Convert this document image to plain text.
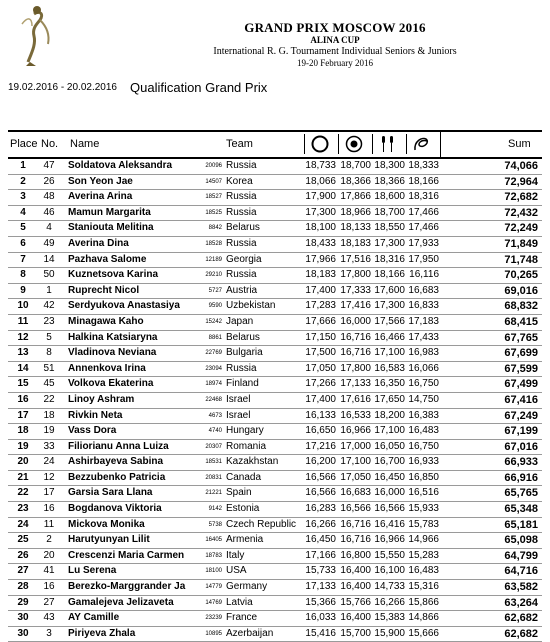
GRAND PRIX MOSCOW 2016
ALINA CUP
International R. G. Tournament Individual Seniors & Juniors
19-20 February 2016
19.02.2016 - 20.02.2016 Qualification Grand Prix
Place No. Name	Team	Sum
1	47	Soldatova Aleksandra	20096 Russia	18,733 18,700 18,300 18,333	74,066
2	26	Son Yeon Jae	14507 Korea	18,066 18,366 18,366 18,166	72,964
3	48	Averina Arina	18527 Russia	17,900 17,866 18,600 18,316	72,682
4	46	Mamun Margarita	18525 Russia	17,300 18,966 18,700 17,466	72,432
5	4	Staniouta Melitina	8842 Belarus	18,100 18,133 18,550 17,466	72,249
6	49	Averina Dina	18528 Russia	18,433 18,183 17,300 17,933	71,849
7	14	Pazhava Salome	12189 Georgia	17,966 17,516 18,316 17,950	71,748
8	50	Kuznetsova Karina	29210 Russia	18,183 17,800 18,166 16,116	70,265
9	1	Ruprecht Nicol	5727 Austria	17,400 17,333 17,600 16,683	69,016
10	42	Serdyukova Anastasiya	9590 Uzbekistan	17,283 17,416 17,300 16,833	68,832
11	23	Minagawa Kaho	15242 Japan	17,666 16,000 17,566 17,183	68,415
12	5	Halkina Katsiaryna	8861 Belarus	17,150 16,716 16,466 17,433	67,765
13	8	Vladinova Neviana	22769 Bulgaria	17,500 16,716 17,100 16,983	67,699
14	51	Annenkova Irina	23094 Russia	17,050 17,800 16,583 16,066	67,599
15	45	Volkova Ekaterina	18974 Finland	17,266 17,133 16,350 16,750	67,499
16	22	Linoy Ashram	22468 Israel	17,400 17,616 17,650 14,750	67,416
17	18	Rivkin Neta	4673 Israel	16,133 16,533 18,200 16,383	67,249
18	19	Vass Dora	4740 Hungary	16,650 16,966 17,100 16,483	67,199
19	33	Filiorianu Anna Luiza	20307 Romania	17,216 17,000 16,050 16,750	67,016
20	24	Ashirbayeva Sabina	18531 Kazakhstan	16,200 17,100 16,700 16,933	66,933
21	12	Bezzubenko Patricia	20831 Canada	16,566 17,050 16,450 16,850	66,916
22	17	Garsia Sara Llana	21221 Spain	16,566 16,683 16,000 16,516	65,765
23	16	Bogdanova Viktoria	9142 Estonia	16,283 16,566 16,566 15,933	65,348
24	11	Mickova Monika	5738 Czech Republic 16,266 16,716 16,416 15,783	65,181
25	2	Harutyunyan Lilit	16405 Armenia	16,450 16,716 16,966 14,966	65,098
26	20	Crescenzi Maria Carmen	18783 Italy	17,166 16,800 15,550 15,283	64,799
27	41	Lu Serena	18100 USA	15,733 16,400 16,100 16,483	64,716
28	16	Berezko-Marggrander Ja	14779 Germany	17,133 16,400 14,733 15,316	63,582
29	27	Gamalejeva Jelizaveta	14769 Latvia	15,366 15,766 16,266 15,866	63,264
30	43	AY Camille	23239 France	16,033 16,400 15,383 14,866	62,682
30	3	Piriyeva Zhala	10895 Azerbaijan	15,416 15,700 15,900 15,666	62,682
